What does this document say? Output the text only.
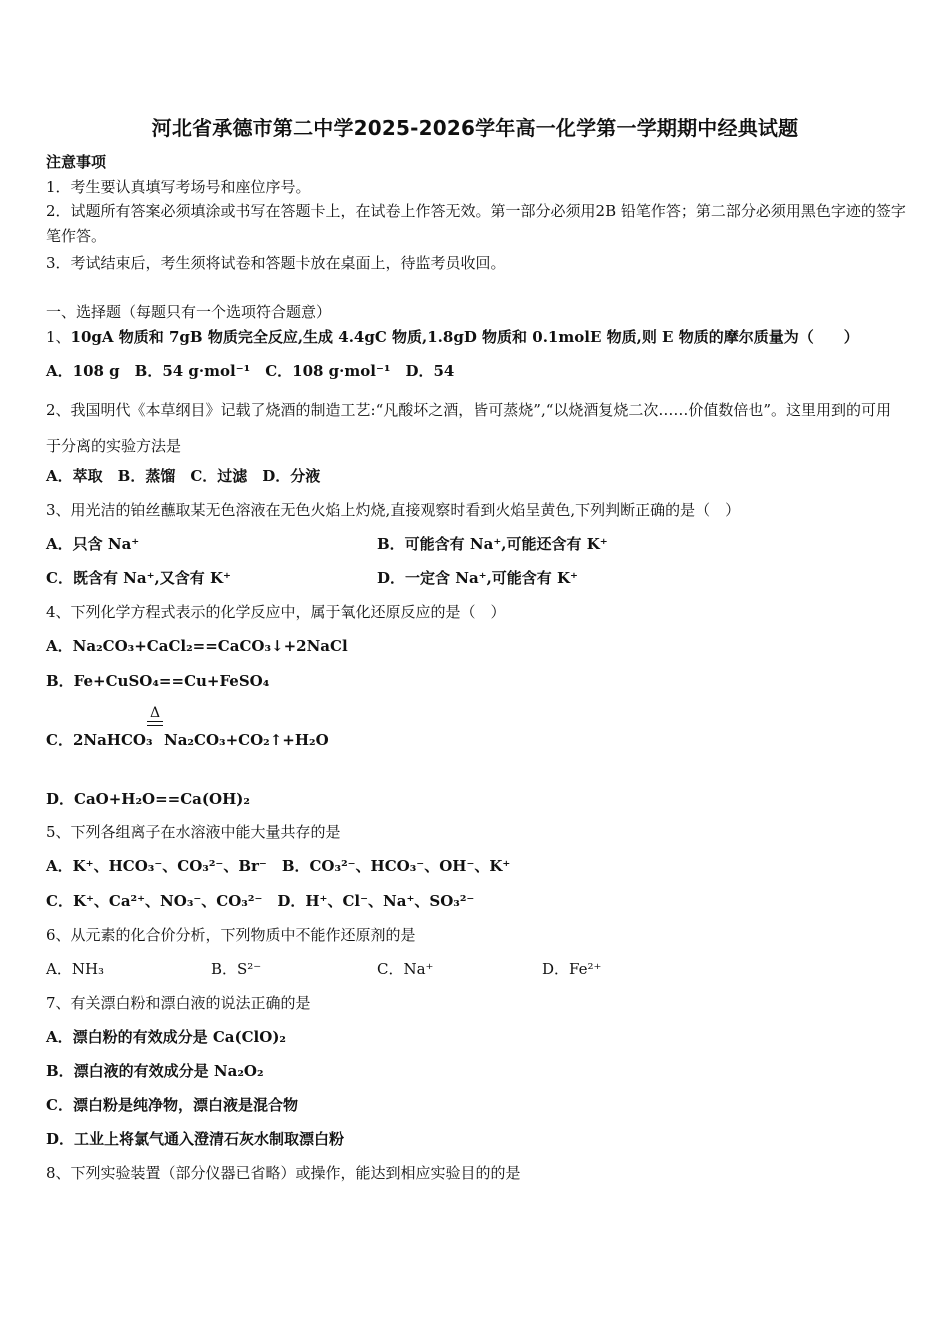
河北省承德市第二中学2025-2026学年高一化学第一学期期中经典试题
注意事项
1．考生要认真填写考场号和座位序号。
2．试题所有答案必须填涂或书写在答题卡上，在试卷上作答无效。第一部分必须用2B 铅笔作答；第二部分必须用黑色字迹的签字笔作答。
3．考试结束后，考生须将试卷和答题卡放在桌面上，待监考员收回。
一、选择题（每题只有一个选项符合题意）
1、10gA 物质和 7gB 物质完全反应,生成 4.4gC 物质,1.8gD 物质和 0.1molE 物质,则 E 物质的摩尔质量为（　　）
A．108 g　B．54 g·mol⁻¹　C．108 g·mol⁻¹　D．54
2、我国明代《本草纲目》记载了烧酒的制造工艺:“凡酸坏之酒，皆可蒸烧”,“以烧酒复烧二次……价值数倍也”。这里用到的可用于分离的实验方法是
A．萃取　B．蒸馏　C．过滤　D．分液
3、用光洁的铂丝蘸取某无色溶液在无色火焰上灼烧,直接观察时看到火焰呈黄色,下列判断正确的是（　）
A．只含 Na⁺	B．可能含有 Na⁺,可能还含有 K⁺
C．既含有 Na⁺,又含有 K⁺	D．一定含 Na⁺,可能含有 K⁺
4、下列化学方程式表示的化学反应中，属于氧化还原反应的是（　）
A．Na₂CO₃+CaCl₂==CaCO₃↓+2NaCl
B．Fe+CuSO₄==Cu+FeSO₄
Δ
C．2NaHCO₃ Na₂CO₃+CO₂↑+H₂O
D．CaO+H₂O==Ca(OH)₂
5、下列各组离子在水溶液中能大量共存的是
A．K⁺、HCO₃⁻、CO₃²⁻、Br⁻　B．CO₃²⁻、HCO₃⁻、OH⁻、K⁺
C．K⁺、Ca²⁺、NO₃⁻、CO₃²⁻　D．H⁺、Cl⁻、Na⁺、SO₃²⁻
6、从元素的化合价分析，下列物质中不能作还原剂的是
A．NH₃	B．S²⁻	C．Na⁺	D．Fe²⁺
7、有关漂白粉和漂白液的说法正确的是
A．漂白粉的有效成分是 Ca(ClO)₂
B．漂白液的有效成分是 Na₂O₂
C．漂白粉是纯净物，漂白液是混合物
D．工业上将氯气通入澄清石灰水制取漂白粉
8、下列实验装置（部分仪器已省略）或操作，能达到相应实验目的的是
